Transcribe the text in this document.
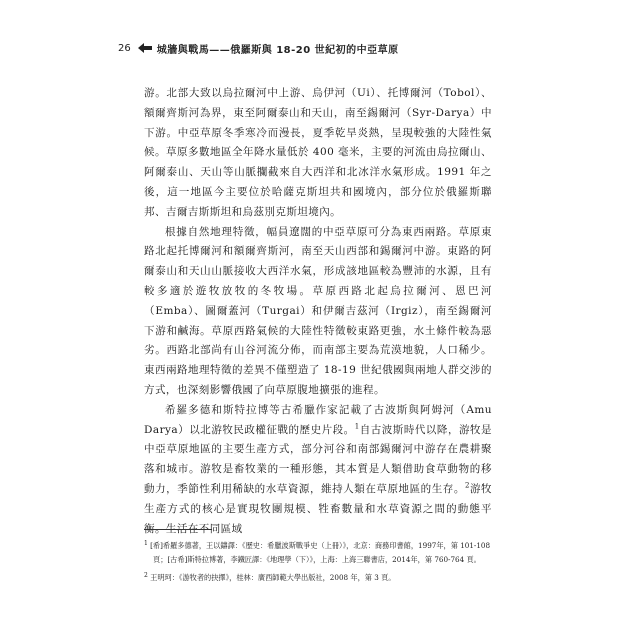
26	城牆與戰馬——俄羅斯與 18-20 世紀初的中亞草原

游。北部大致以烏拉爾河中上游、烏伊河（Ui）、托博爾河（Tobol）、額爾齊斯河為界，東至阿爾泰山和天山，南至錫爾河（Syr-Darya）中下游。中亞草原冬季寒冷而漫長，夏季乾旱炎熱，呈現較強的大陸性氣候。草原多數地區全年降水量低於 400 毫米，主要的河流由烏拉爾山、阿爾泰山、天山等山脈攔截來自大西洋和北冰洋水氣形成。1991 年之後，這一地區今主要位於哈薩克斯坦共和國境內，部分位於俄羅斯聯邦、吉爾吉斯斯坦和烏茲別克斯坦境內。

根據自然地理特徵，幅員遼闊的中亞草原可分為東西兩路。草原東路北起托博爾河和額爾齊斯河，南至天山西部和錫爾河中游。東路的阿爾泰山和天山山脈接收大西洋水氣，形成該地區較為豐沛的水源，且有較多適於遊牧放牧的冬牧場。草原西路北起烏拉爾河、恩巴河（Emba）、圖爾蓋河（Turgai）和伊爾吉茲河（Irgiz），南至錫爾河下游和鹹海。草原西路氣候的大陸性特徵較東路更強，水土條件較為惡劣。西路北部尚有山谷河流分佈，而南部主要為荒漠地貌，人口稀少。東西兩路地理特徵的差異不僅塑造了 18-19 世紀俄國與兩地人群交涉的方式，也深刻影響俄國了向草原腹地擴張的進程。

希羅多德和斯特拉博等古希臘作家記載了古波斯與阿姆河（Amu Darya）以北游牧民政權征戰的歷史片段。$^1$自古波斯時代以降，游牧是中亞草原地區的主要生產方式，部分河谷和南部錫爾河中游存在農耕聚落和城市。游牧是畜牧業的一種形態，其本質是人類借助食草動物的移動力，季節性利用稀缺的水草資源，維持人類在草原地區的生存。$^2$游牧生產方式的核心是實現牧團規模、牲畜數量和水草資源之間的動態平衡。生活在不同區域

$^1$ [希]希羅多德著，王以鑄譯：《歷史：希臘波斯戰爭史（上冊）》，北京：商務印書館，1997年，第 101-108 頁；[古希]斯特拉博著，李鐵匠譯：《地理學（下）》，上海：上海三聯書店，2014年，第 760-764 頁。

$^2$ 王明珂：《游牧者的抉擇》，桂林：廣西師範大學出版社，2008 年，第 3 頁。
